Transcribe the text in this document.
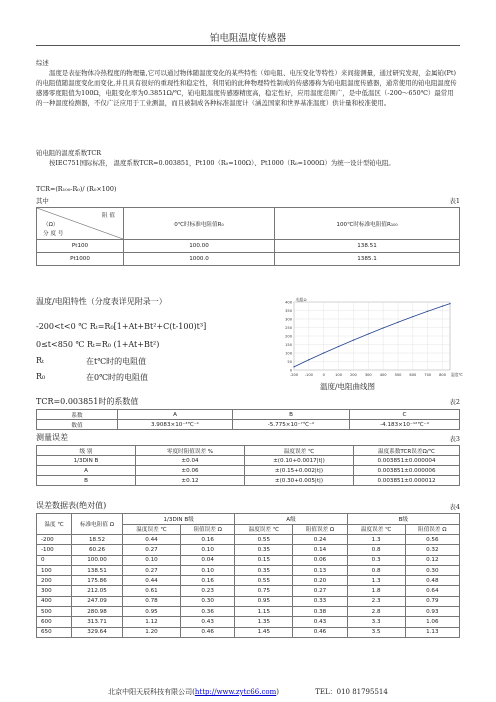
铂电阻温度传感器
综述
温度是表征物体冷热程度的物理量,它可以通过物体随温度变化的某些特性（如电阻、电压变化等特性）来间接测量，通过研究发现，金属铂(Pt)的电阻值随温度变化而变化,并且具有很好的重现性和稳定性，利用铂的此种物理特性制成的传感器称为铂电阻温度传感器，通常使用的铂电阻温度传感器零度阻值为100Ω，电阻变化率为0.3851Ω/℃，铂电阻温度传感器精度高，稳定性好，应用温度范围广，是中低温区（-200～650℃）最常用的一种温度检测器，不仅广泛应用于工业测温，而且被制成各种标准温度计（涵盖国家和世界基准温度）供计量和校准使用。
铂电阻的温度系数TCR
按IEC751国际标准， 温度系数TCR=0.003851，Pt100（R₀=100Ω）、Pt1000（R₀=1000Ω）为统一设计型铂电阻。
TCR=(R₁₀₀-R₀)/ (R₀×100)
其中	表1
阻 值
（Ω）
分 度 号	0℃时标准电阻值R₀	100℃时标准电阻值R₁₀₀
Pt100	100.00	138.51
Pt1000	1000.0	1385.1
温度/电阻特性（分度表详见附录一）
-200<t<0 ℃ Rₜ=R₀[1+At+Bt²+C(t-100)t³]
0≤t<850 ℃ Rₜ=R₀ (1+At+Bt²)
Rₜ	在t℃时的电阻值
R₀	在0℃时的电阻值
0
50
100
150
200
250
300
350
400
-200 -100	0	100 200 300 400 500 600 700 800
电阻Ω
温度℃
温度/电阻曲线图
TCR=0.003851时的系数值	表2
系数	A	B	C
数值	3.9083×10⁻³℃⁻¹	-5.775×10⁻⁷℃⁻²	-4.183×10⁻¹²℃⁻⁴
测量误差	表3
级 别	零度时阻值误差 %	温度误差 ℃	温度系数TCR误差Ω/℃
1/3DIN B	±0.04	±(0.10+0.0017|t|)	0.003851±0.000004
A	±0.06	±(0.15+0.002|t|)	0.003851±0.000006
B	±0.12	±(0.30+0.005|t|)	0.003851±0.000012
误差数据表(绝对值)	表4
温度 ℃	标准电阻值 Ω	1/3DIN B级		A级		B级	
		温度误差 ℃	阻值误差 Ω	温度误差 ℃	阻值误差 Ω	温度误差 ℃	阻值误差 Ω
-200	18.52	0.44	0.16	0.55	0.24	1.3	0.56
-100	60.26	0.27	0.10	0.35	0.14	0.8	0.32
0	100.00	0.10	0.04	0.15	0.06	0.3	0.12
100	138.51	0.27	0.10	0.35	0.13	0.8	0.30
200	175.86	0.44	0.16	0.55	0.20	1.3	0.48
300	212.05	0.61	0.23	0.75	0.27	1.8	0.64
400	247.09	0.78	0.30	0.95	0.33	2.3	0.79
500	280.98	0.95	0.36	1.15	0.38	2.8	0.93
600	313.71	1.12	0.43	1.35	0.43	3.3	1.06
650	329.64	1.20	0.46	1.45	0.46	3.5	1.13
北京中阳天辰科技有限公司(http://www.zytc66.com)	TEL：010 81795514
